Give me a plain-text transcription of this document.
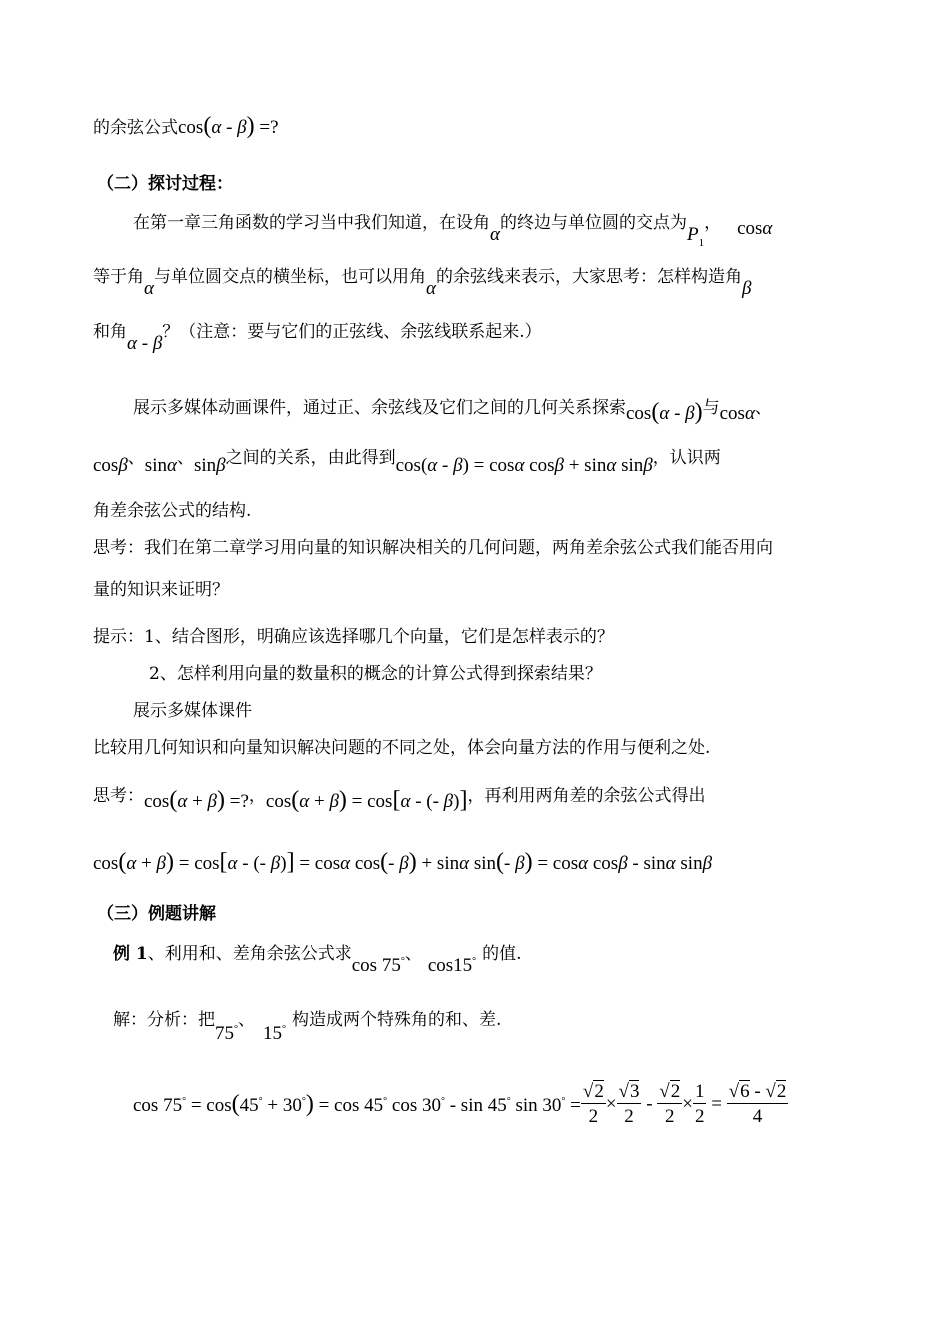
的余弦公式cos(α - β) =?
（二）探讨过程：
在第一章三角函数的学习当中我们知道，在设角α的终边与单位圆的交点为$P_1$， cosα
等于角α与单位圆交点的横坐标，也可以用角α的余弦线来表示，大家思考：怎样构造角β
和角α - β？（注意：要与它们的正弦线、余弦线联系起来.）
展示多媒体动画课件，通过正、余弦线及它们之间的几何关系探索cos(α - β)与cosα、
cosβ、sinα、sinβ之间的关系，由此得到cos(α - β) = cosα cosβ + sinα sinβ，认识两
角差余弦公式的结构.
思考：我们在第二章学习用向量的知识解决相关的几何问题，两角差余弦公式我们能否用向
量的知识来证明？
提示：1、结合图形，明确应该选择哪几个向量，它们是怎样表示的？
2、怎样利用向量的数量积的概念的计算公式得到探索结果？
展示多媒体课件
比较用几何知识和向量知识解决问题的不同之处，体会向量方法的作用与便利之处.
思考：cos(α + β) =?，cos(α + β) = cos[α - (- β)]，再利用两角差的余弦公式得出
cos(α + β) = cos[α - (- β)] = cosα cos(- β) + sinα sin(- β) = cosα cosβ - sinα sinβ
（三）例题讲解
例 1、利用和、差角余弦公式求cos 75°、cos15° 的值.
解：分析：把75°、15° 构造成两个特殊角的和、差.
cos 75° = cos(45° + 30°) = cos 45° cos 30° - sin 45° $\sin 30^\circ = \frac{√2}{2} \times \frac{√3}{2} - \frac{√2}{2} \times \frac{1}{2} = \frac{√6 - √2}{4}$
